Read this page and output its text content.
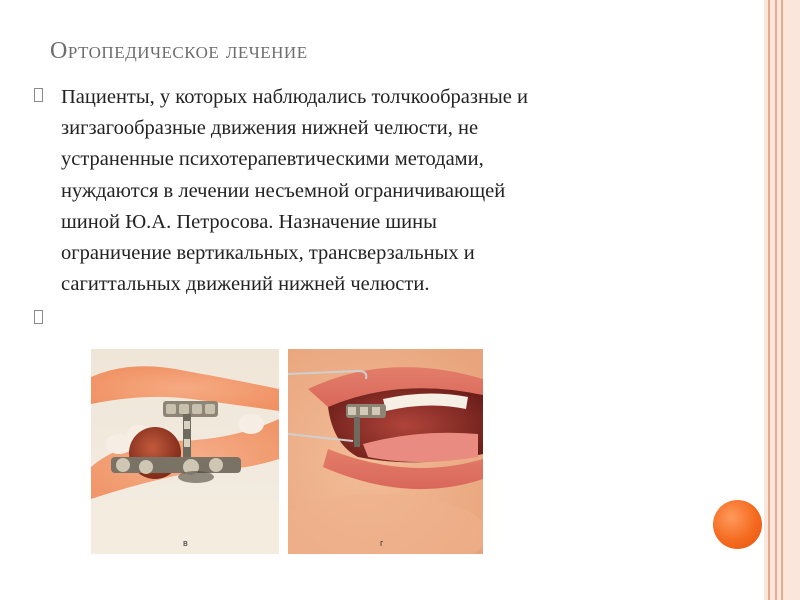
Ортопедическое лечение
Пациенты, у которых наблюдались толчкообразные и
зигзагообразные движения нижней челюсти, не
устраненные психотерапевтическими методами,
нуждаются в лечении несъемной ограничивающей
шиной Ю.А. Петросова. Назначение шины
ограничение вертикальных, трансверзальных и
сагиттальных движений нижней челюсти.
в	г
